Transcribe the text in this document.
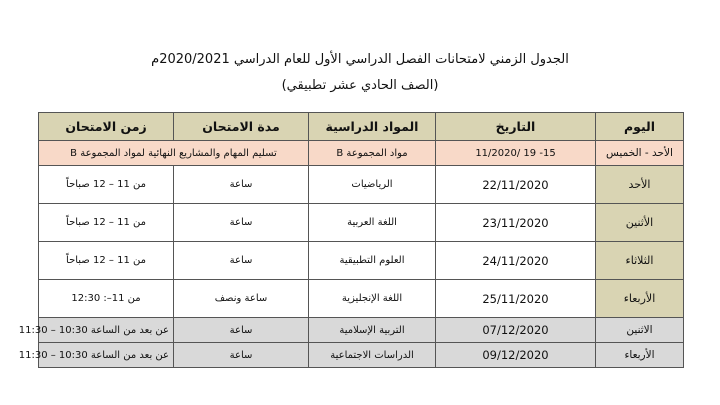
الجدول الزمني لامتحانات الفصل الدراسي الأول للعام الدراسي 2020/2021م
(الصف الحادي عشر تطبيقي)
اليوم	التاريخ	المواد الدراسية	مدة الامتحان	زمن الامتحان
الأحد - الخميس	15- 19 /11/2020	مواد المجموعة B	تسليم المهام والمشاريع النهائية لمواد المجموعة B	
الأحد	22/11/2020	الرياضيات	ساعة	من 11 – 12 صباحاً
الأثنين	23/11/2020	اللغة العربية	ساعة	من 11 – 12 صباحاً
الثلاثاء	24/11/2020	العلوم التطبيقية	ساعة	من 11 – 12 صباحاً
الأربعاء	25/11/2020	اللغة الإنجليزية	ساعة ونصف	من 11–: 12:30
الاثنين	07/12/2020	التربية الإسلامية	ساعة	عن بعد من الساعة 10:30 – 11:30
الأربعاء	09/12/2020	الدراسات الاجتماعية	ساعة	عن بعد من الساعة 10:30 – 11:30
